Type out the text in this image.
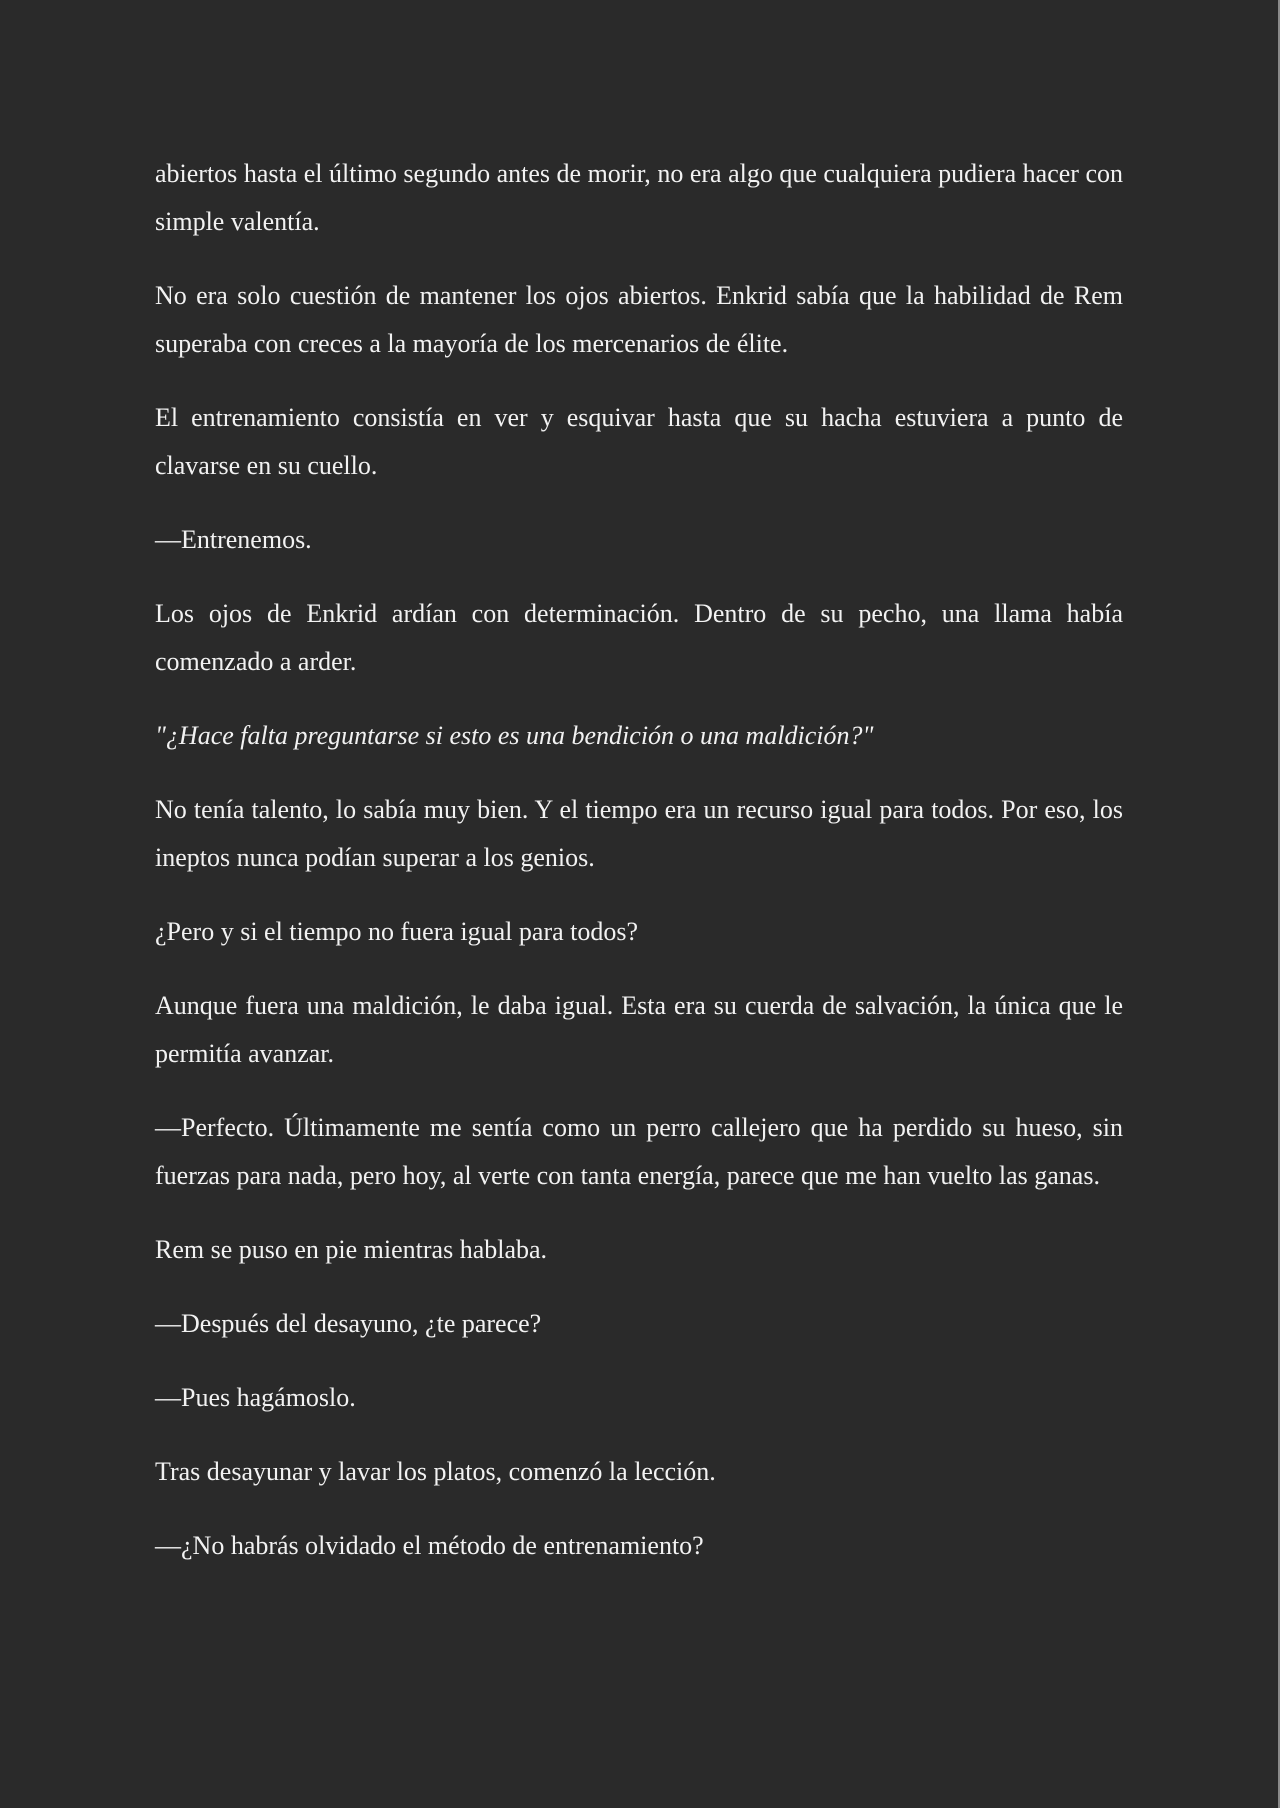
abiertos hasta el último segundo antes de morir, no era algo que cualquiera pudiera hacer con simple valentía.

No era solo cuestión de mantener los ojos abiertos. Enkrid sabía que la habilidad de Rem superaba con creces a la mayoría de los mercenarios de élite.

El entrenamiento consistía en ver y esquivar hasta que su hacha estuviera a punto de clavarse en su cuello.

—Entrenemos.

Los ojos de Enkrid ardían con determinación. Dentro de su pecho, una llama había comenzado a arder.

"¿Hace falta preguntarse si esto es una bendición o una maldición?"

No tenía talento, lo sabía muy bien. Y el tiempo era un recurso igual para todos. Por eso, los ineptos nunca podían superar a los genios.

¿Pero y si el tiempo no fuera igual para todos?

Aunque fuera una maldición, le daba igual. Esta era su cuerda de salvación, la única que le permitía avanzar.

—Perfecto. Últimamente me sentía como un perro callejero que ha perdido su hueso, sin fuerzas para nada, pero hoy, al verte con tanta energía, parece que me han vuelto las ganas.

Rem se puso en pie mientras hablaba.

—Después del desayuno, ¿te parece?

—Pues hagámoslo.

Tras desayunar y lavar los platos, comenzó la lección.

—¿No habrás olvidado el método de entrenamiento?
